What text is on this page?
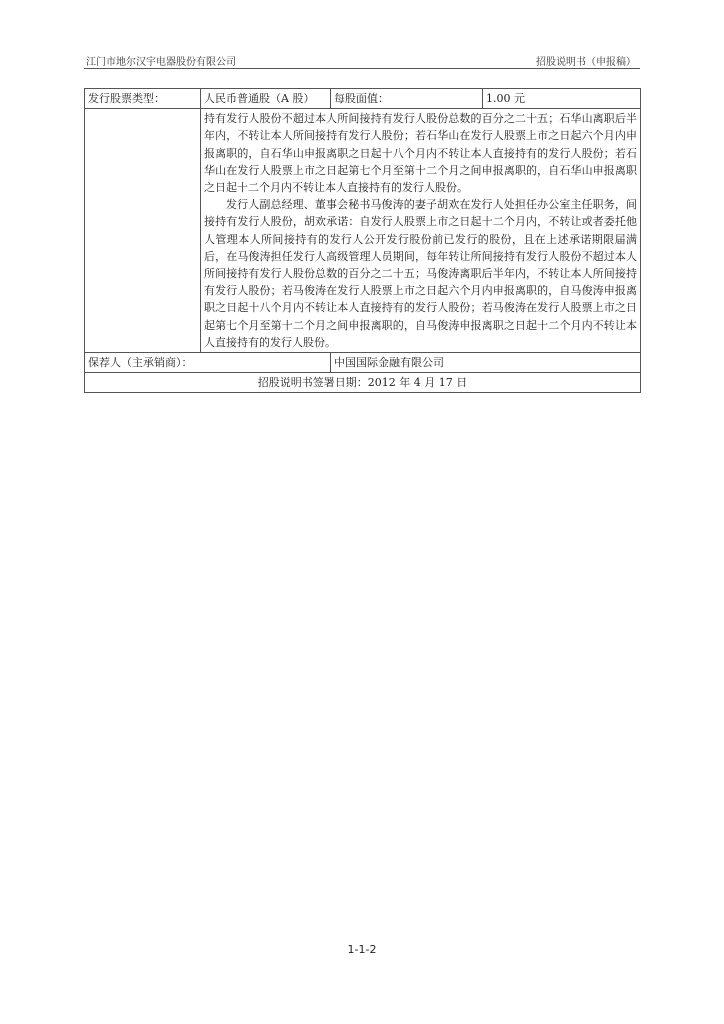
江门市地尔汉宇电器股份有限公司	招股说明书（申报稿）
发行股票类型：	人民币普通股（A 股）	每股面值：	1.00 元

	持有发行人股份不超过本人所间接持有发行人股份总数的百分之二十五；石华山离职后半年内，不转让本人所间接持有发行人股份；若石华山在发行人股票上市之日起六个月内申报离职的，自石华山申报离职之日起十八个月内不转让本人直接持有的发行人股份；若石华山在发行人股票上市之日起第七个月至第十二个月之间申报离职的，自石华山申报离职之日起十二个月内不转让本人直接持有的发行人股份。
发行人副总经理、董事会秘书马俊涛的妻子胡欢在发行人处担任办公室主任职务，间接持有发行人股份，胡欢承诺：自发行人股票上市之日起十二个月内，不转让或者委托他人管理本人所间接持有的发行人公开发行股份前已发行的股份，且在上述承诺期限届满后，在马俊涛担任发行人高级管理人员期间，每年转让所间接持有发行人股份不超过本人所间接持有发行人股份总数的百分之二十五；马俊涛离职后半年内，不转让本人所间接持有发行人股份；若马俊涛在发行人股票上市之日起六个月内申报离职的，自马俊涛申报离职之日起十八个月内不转让本人直接持有的发行人股份；若马俊涛在发行人股票上市之日起第七个月至第十二个月之间申报离职的，自马俊涛申报离职之日起十二个月内不转让本人直接持有的发行人股份。		

保荐人（主承销商）：		中国国际金融有限公司	
招股说明书签署日期：2012 年 4 月 17 日			
1-1-2
